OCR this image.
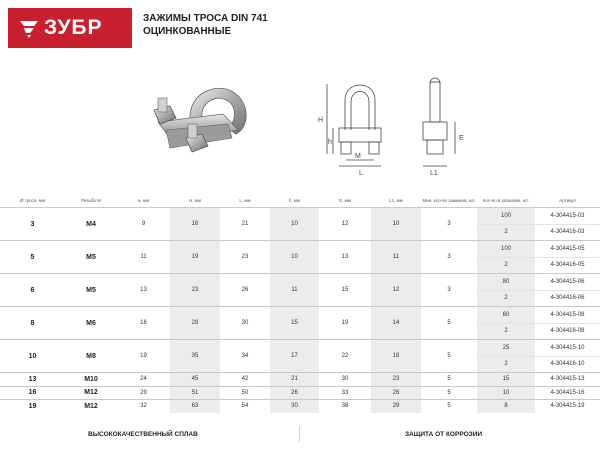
ЗУБР	ЗАЖИМЫ ТРОСА DIN 741
ОЦИНКОВАННЫЕ
H
h
E
M
L	L1
Ø троса, мм	Резьба М	a, мм	H, мм	L, мм	h, мм	E, мм	L1, мм	Мин. кол-во зажимов, шт.	Кол-во в упаковке, шт.	Артикул
3	M4	9	16	21	10	12	10	3	100	4-304415-03
									2	4-304416-03
5	M5	11	19	23	10	13	11	3	100	4-304415-05
									2	4-304416-05
6	M5	13	23	26	11	15	12	3	80	4-304415-06
									2	4-304416-06
8	M6	16	28	30	15	19	14	5	60	4-304415-08
									2	4-304416-08
10	M8	19	35	34	17	22	18	5	25	4-304415-10
									2	4-304416-10
13	M10	24	45	42	21	30	23	5	15	4-304415-13
16	M12	29	51	50	26	33	26	5	10	4-304415-16
19	M12	32	63	54	30	38	29	5	8	4-304415-19
ВЫСОКОКАЧЕСТВЕННЫЙ СПЛАВ	ЗАЩИТА ОТ КОРРОЗИИ
